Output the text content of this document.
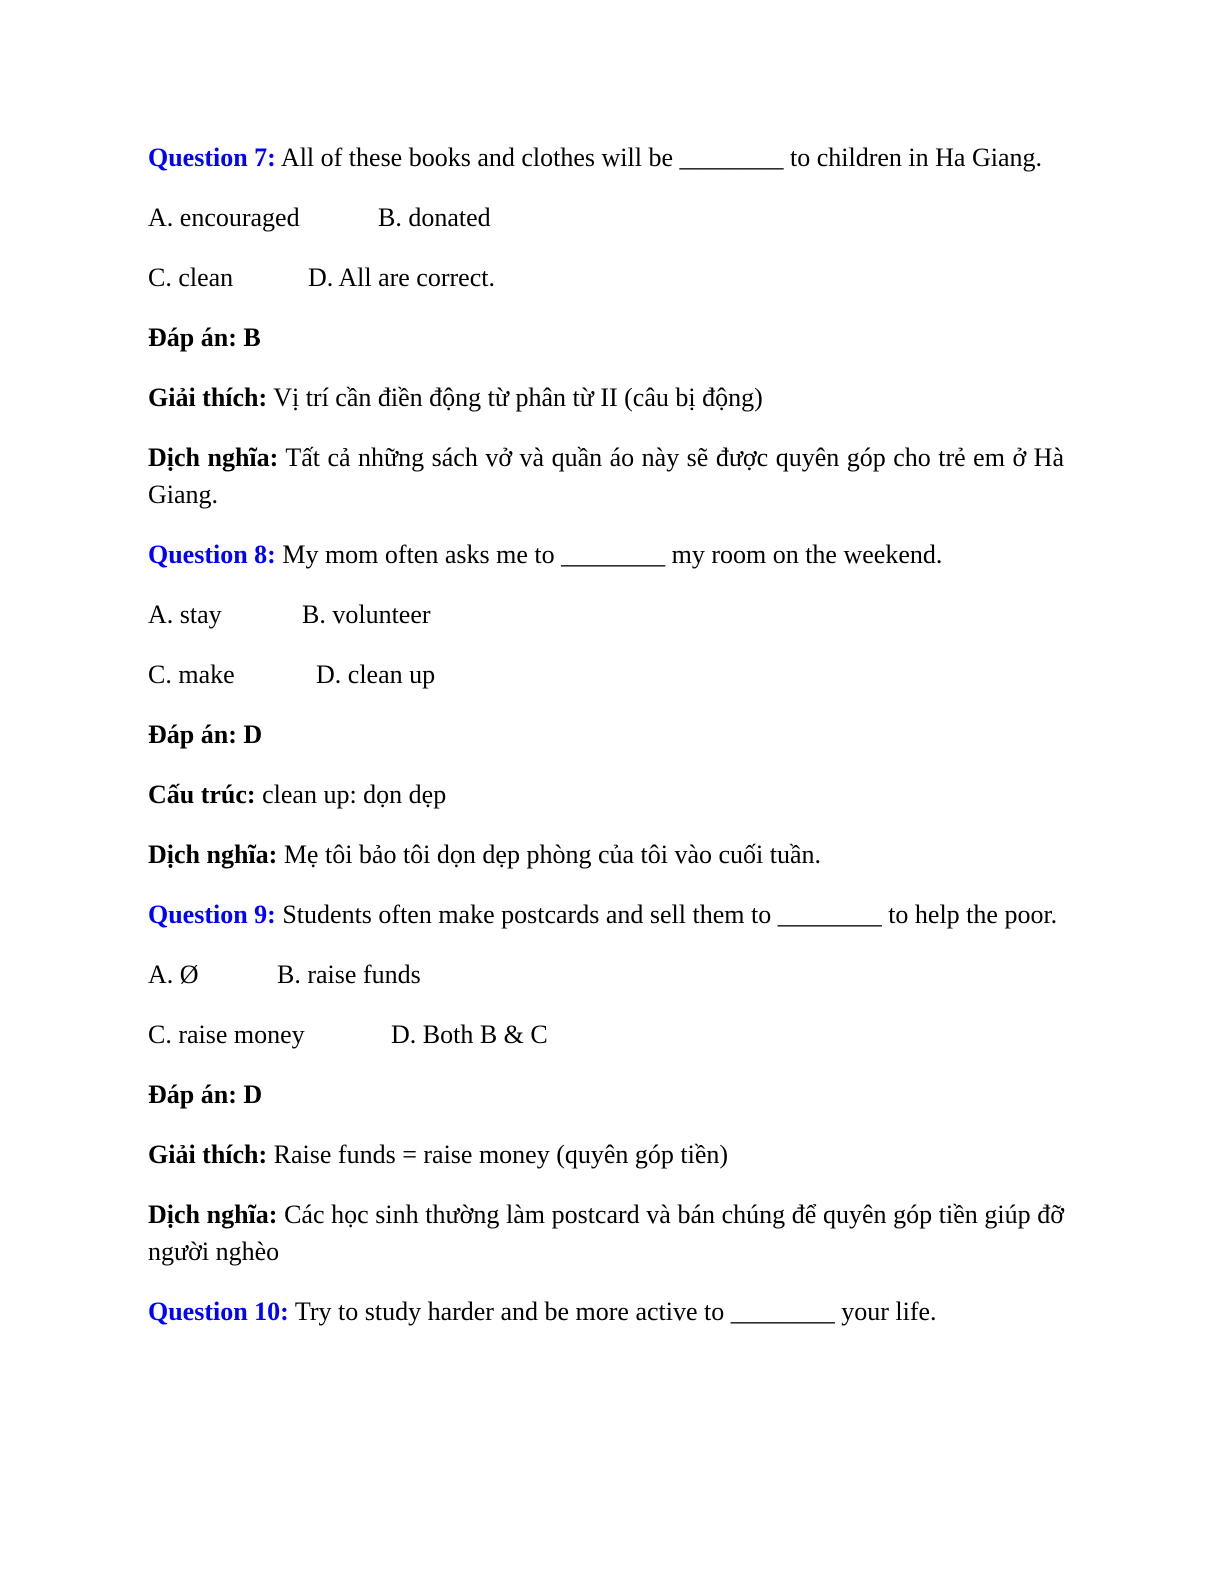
Question 7: All of these books and clothes will be ________ to children in Ha Giang.

A. encouraged	B. donated
C. clean	D. All are correct.

Đáp án: B

Giải thích: Vị trí cần điền động từ phân từ II (câu bị động)

Dịch nghĩa: Tất cả những sách vở và quần áo này sẽ được quyên góp cho trẻ em ở Hà Giang.

Question 8: My mom often asks me to ________ my room on the weekend.

A. stay	B. volunteer
C. make	D. clean up

Đáp án: D

Cấu trúc: clean up: dọn dẹp

Dịch nghĩa: Mẹ tôi bảo tôi dọn dẹp phòng của tôi vào cuối tuần.

Question 9: Students often make postcards and sell them to ________ to help the poor.

A. Ø	B. raise funds
C. raise money	D. Both B & C

Đáp án: D

Giải thích: Raise funds = raise money (quyên góp tiền)

Dịch nghĩa: Các học sinh thường làm postcard và bán chúng để quyên góp tiền giúp đỡ người nghèo

Question 10: Try to study harder and be more active to ________ your life.
